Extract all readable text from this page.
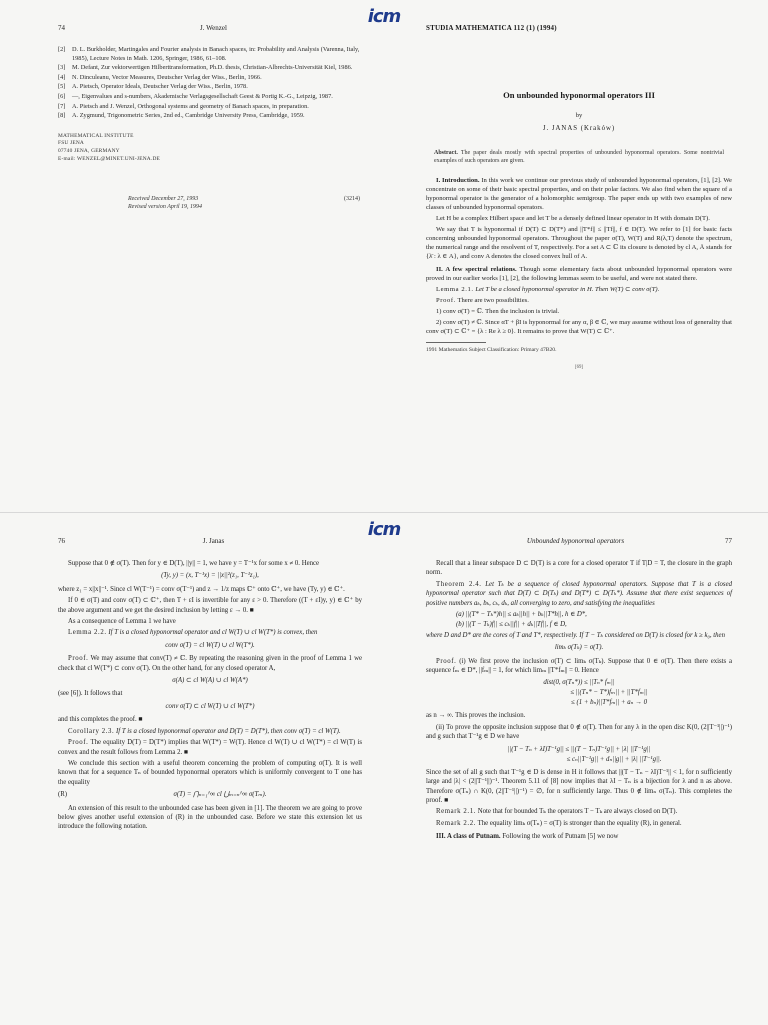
icm
74	J. Wenzel
[2]	D. L. Burkholder, Martingales and Fourier analysis in Banach spaces, in: Probability and Analysis (Varenna, Italy, 1985), Lecture Notes in Math. 1206, Springer, 1986, 61–108.
[3]	M. Defant, Zur vektorwertigen Hilberttransformation, Ph.D. thesis, Christian-Albrechts-Universität Kiel, 1986.
[4]	N. Dinculeanu, Vector Measures, Deutscher Verlag der Wiss., Berlin, 1966.
[5]	A. Pietsch, Operator Ideals, Deutscher Verlag der Wiss., Berlin, 1978.
[6]	—, Eigenvalues and s-numbers, Akademische Verlagsgesellschaft Geest & Portig K.-G., Leipzig, 1987.
[7]	A. Pietsch and J. Wenzel, Orthogonal systems and geometry of Banach spaces, in preparation.
[8]	A. Zygmund, Trigonometric Series, 2nd ed., Cambridge University Press, Cambridge, 1959.
MATHEMATICAL INSTITUTE
FSU JENA
07740 JENA, GERMANY
E-mail: WENZEL@MINET.UNI-JENA.DE
Received December 27, 1993
Revised version April 19, 1994
(3214)
STUDIA MATHEMATICA 112 (1) (1994)
On unbounded hyponormal operators III
by
J. JANAS (Kraków)
Abstract. The paper deals mostly with spectral properties of unbounded hyponormal operators. Some nontrivial examples of such operators are given.

I. Introduction. In this work we continue our previous study of unbounded hyponormal operators, [1], [2]. We concentrate on some of their basic spectral properties, and on their polar factors. We also find when the square of a hyponormal operator is the generator of a holomorphic semigroup. The paper ends up with two examples of new classes of unbounded hyponormal operators.

Let H be a complex Hilbert space and let T be a densely defined linear operator in H with domain D(T).

We say that T is hyponormal if D(T) ⊂ D(T*) and ||T*f|| ≤ ||Tf||, f ∈ D(T). We refer to [1] for basic facts concerning unbounded hyponormal operators. Throughout the paper σ(T), W(T) and R(λ,T) denote the spectrum, the numerical range and the resolvent of T, respectively. For a set A ⊂ ℂ its closure is denoted by cl A, Ā stands for {λ̄ : λ ∈ A}, and conv A denotes the closed convex hull of A.

II. A few spectral relations. Though some elementary facts about unbounded hyponormal operators were proved in our earlier works [1], [2], the following lemmas seem to be useful, and were not stated there.

Lemma 2.1. Let T be a closed hyponormal operator in H. Then W(T) ⊂ conv σ(T).

Proof. There are two possibilities.

1) conv σ(T) = ℂ. Then the inclusion is trivial.

2) conv σ(T) ≠ ℂ. Since αT + βI is hyponormal for any α, β ∈ ℂ, we may assume without loss of generality that conv σ(T) ⊂ ℂ⁺ = {λ : Re λ ≥ 0}. It remains to prove that W(T) ⊂ ℂ⁺.

1991 Mathematics Subject Classification: Primary 47B20.
[69]
icm
76	J. Janas

Suppose that 0 ∉ σ(T). Then for y ∈ D(T), ||y|| = 1, we have y = T⁻¹x for some x ≠ 0. Hence

(Ty, y) = (x, T⁻¹x) = ||x||²(z₁, T⁻¹z₁),

where z₁ = x||x||⁻¹. Since cl W(T⁻¹) = conv σ(T⁻¹) and z → 1/z maps ℂ⁺ onto ℂ⁺, we have (Ty, y) ∈ ℂ⁺.

If 0 ∈ σ(T) and conv σ(T) ⊂ ℂ⁺, then T + εI is invertible for any ε > 0. Therefore ((T + εI)y, y) ∈ ℂ⁺ by the above argument and we get the desired inclusion by letting ε → 0. ■

As a consequence of Lemma 1 we have

Lemma 2.2. If T is a closed hyponormal operator and cl W(T) ∪ cl W(T*) is convex, then

conv σ(T) = cl W(T) ∪ cl W(T*).

Proof. We may assume that conv(T) ≠ ℂ. By repeating the reasoning given in the proof of Lemma 1 we check that cl W(T*) ⊂ conv σ(T). On the other hand, for any closed operator A,

σ(A) ⊂ cl W(A) ∪ cl W(A*)

(see [6]). It follows that

conv σ(T) ⊂ cl W(T) ∪ cl W(T*)

and this completes the proof. ■

Corollary 2.3. If T is a closed hyponormal operator and D(T) = D(T*), then conv σ(T) = cl W(T).

Proof. The equality D(T) = D(T*) implies that W(T*) = W(T). Hence cl W(T) ∪ cl W(T*) = cl W(T) is convex and the result follows from Lemma 2. ■

We conclude this section with a useful theorem concerning the problem of computing σ(T). It is well known that for a sequence Tₙ of bounded hyponormal operators which is uniformly convergent to T one has the equality

(R)	σ(T) = ⋂ₙ₌₁^∞ cl ⋃ₘ₌ₙ^∞ σ(Tₘ).

An extension of this result to the unbounded case has been given in [1]. The theorem we are going to prove below gives another useful extension of (R) in the unbounded case. Before we state this extension let us introduce the following notation.

Unbounded hyponormal operators	77

Recall that a linear subspace D ⊂ D(T) is a core for a closed operator T if T|D = T, the closure in the graph norm.

Theorem 2.4. Let Tₖ be a sequence of closed hyponormal operators. Suppose that T is a closed hyponormal operator such that D(T) ⊂ D(Tₖ) and D(T*) ⊂ D(Tₖ*). Assume that there exist sequences of positive numbers aₖ, bₖ, cₖ, dₖ, all converging to zero, and satisfying the inequalities

(a) ||(T* − Tₖ*)h|| ≤ aₖ||h|| + bₖ||T*h||, h ∈ D*,
(b) ||(T − Tₖ)f|| ≤ cₖ||f|| + dₖ||Tf||, f ∈ D,

where D and D* are the cores of T and T*, respectively. If T − Tₖ considered on D(T) is closed for k ≥ k₀, then

limₖ σ(Tₖ) = σ(T).

Proof. (i) We first prove the inclusion σ(T) ⊂ limₖ σ(Tₖ). Suppose that 0 ∈ σ(T). Then there exists a sequence fₘ ∈ D*, ||fₘ|| = 1, for which limₘ ||T*fₘ|| = 0. Hence

dist(0, σ(Tₙ*)) ≤ ||Tₙ* fₘ||
≤ ||(Tₙ* − T*)fₘ|| + ||T*fₘ||
≤ (1 + bₙ)||T*fₘ|| + aₙ → 0

as n → ∞. This proves the inclusion.

(ii) To prove the opposite inclusion suppose that 0 ∉ σ(T). Then for any λ in the open disc K(0, (2||T⁻¹||)⁻¹) and g such that T⁻¹g ∈ D we have

||(T − Tₙ + λI)T⁻¹g|| ≤ ||(T − Tₙ)T⁻¹g|| + |λ| ||T⁻¹g||
≤ cₙ||T⁻¹g|| + dₙ||g|| + |λ| ||T⁻¹g||.

Since the set of all g such that T⁻¹g ∈ D is dense in H it follows that ||(T − Tₙ − λI)T⁻¹|| < 1, for n sufficiently large and |λ| < (2||T⁻¹||)⁻¹. Theorem 5.11 of [8] now implies that λI − Tₙ is a bijection for λ and n as above. Therefore σ(Tₙ) ∩ K(0, (2||T⁻¹||)⁻¹) = ∅, for n sufficiently large. Thus 0 ∉ limₙ σ(Tₙ). This completes the proof. ■

Remark 2.1. Note that for bounded Tₖ the operators T − Tₖ are always closed on D(T).

Remark 2.2. The equality limₖ σ(Tₙ) = σ(T) is stronger than the equality (R), in general.

III. A class of Putnam. Following the work of Putnam [5] we now
